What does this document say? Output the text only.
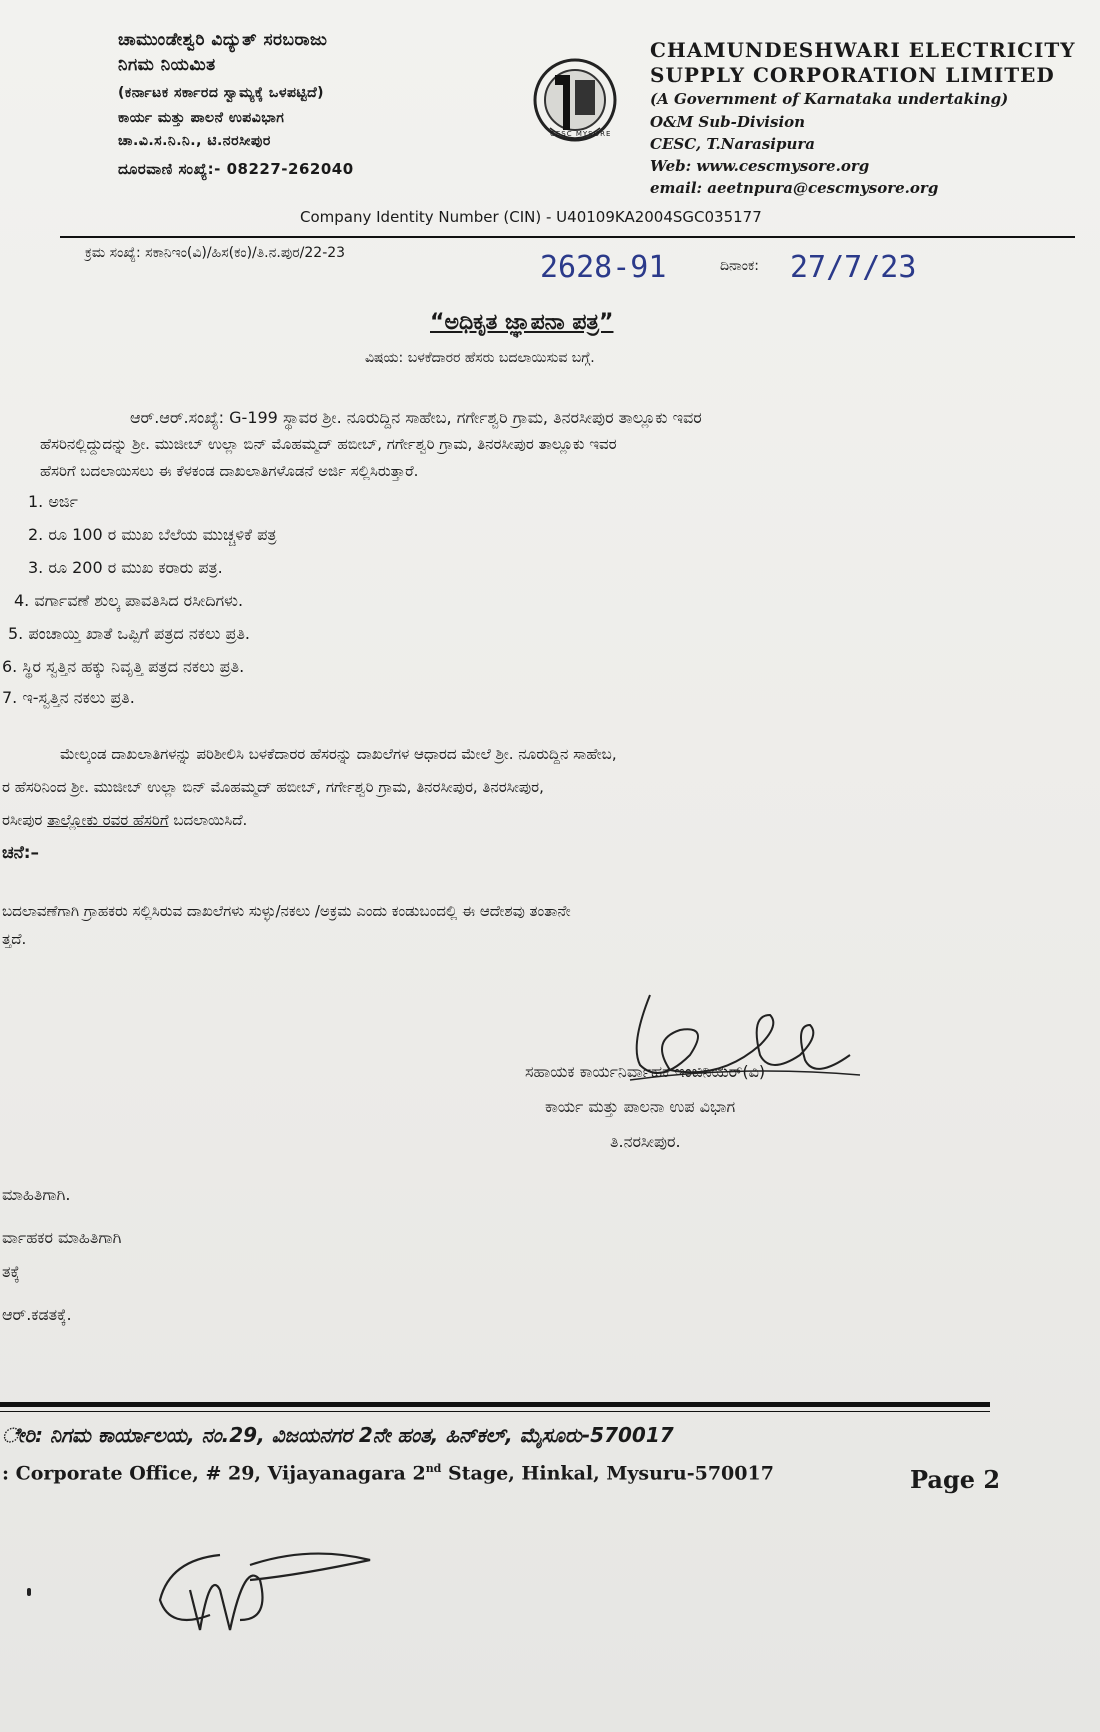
ಚಾಮುಂಡೇಶ್ವರಿ ವಿದ್ಯುತ್ ಸರಬರಾಜು
ನಿಗಮ ನಿಯಮಿತ
(ಕರ್ನಾಟಕ ಸರ್ಕಾರದ ಸ್ವಾಮ್ಯಕ್ಕೆ ಒಳಪಟ್ಟಿದೆ)
ಕಾರ್ಯ ಮತ್ತು ಪಾಲನೆ ಉಪವಿಭಾಗ
ಚಾ.ವಿ.ಸ.ನಿ.ನಿ., ಟಿ.ನರಸೀಪುರ
ದೂರವಾಣಿ ಸಂಖ್ಯೆ:- 08227-262040
CESC MYSORE
CHAMUNDESHWARI ELECTRICITY
SUPPLY CORPORATION LIMITED
(A Government of Karnataka undertaking)
O&M Sub-Division
CESC, T.Narasipura
Web: www.cescmysore.org
email: aeetnpura@cescmysore.org
Company Identity Number (CIN) - U40109KA2004SGC035177
ಕ್ರಮ ಸಂಖ್ಯೆ: ಸಕಾನಿಇಂ(ವಿ)/ಹಿಸ(ಕಂ)/ತಿ.ನ.ಪುರ/22-23	2628-91	ದಿನಾಂಕ: 27/7/23
“ಅಧಿಕೃತ ಜ್ಞಾಪನಾ ಪತ್ರ”
ವಿಷಯ: ಬಳಕೆದಾರರ ಹೆಸರು ಬದಲಾಯಿಸುವ ಬಗ್ಗೆ.
ಆರ್.ಆರ್.ಸಂಖ್ಯೆ: G-199 ಸ್ಥಾವರ ಶ್ರೀ. ನೂರುದ್ದಿನ ಸಾಹೇಬ, ಗರ್ಗೇಶ್ವರಿ ಗ್ರಾಮ, ತಿನರಸೀಪುರ ತಾಲ್ಲೂಕು ಇವರ
ಹೆಸರಿನಲ್ಲಿದ್ದುದನ್ನು ಶ್ರೀ. ಮುಜೀಬ್ ಉಲ್ಲಾ ಬಿನ್ ಮೊಹಮ್ಮದ್ ಹಬೀಬ್, ಗರ್ಗೇಶ್ವರಿ ಗ್ರಾಮ, ತಿನರಸೀಪುರ ತಾಲ್ಲೂಕು ಇವರ
ಹೆಸರಿಗೆ ಬದಲಾಯಿಸಲು ಈ ಕೆಳಕಂಡ ದಾಖಲಾತಿಗಳೊಡನೆ ಅರ್ಜಿ ಸಲ್ಲಿಸಿರುತ್ತಾರೆ.
1. ಅರ್ಜಿ
2. ರೂ 100 ರ ಮುಖ ಬೆಲೆಯ ಮುಚ್ಚಳಿಕೆ ಪತ್ರ
3. ರೂ 200 ರ ಮುಖ ಕರಾರು ಪತ್ರ.
4. ವರ್ಗಾವಣೆ ಶುಲ್ಕ ಪಾವತಿಸಿದ ರಸೀದಿಗಳು.
5. ಪಂಚಾಯ್ತಿ ಖಾತೆ ಒಪ್ಪಿಗೆ ಪತ್ರದ ನಕಲು ಪ್ರತಿ.
6. ಸ್ಥಿರ ಸ್ವತ್ತಿನ ಹಕ್ಕು ನಿವೃತ್ತಿ ಪತ್ರದ ನಕಲು ಪ್ರತಿ.
7. ಇ-ಸ್ವತ್ತಿನ ನಕಲು ಪ್ರತಿ.
ಮೇಲ್ಕಂಡ ದಾಖಲಾತಿಗಳನ್ನು ಪರಿಶೀಲಿಸಿ ಬಳಕೆದಾರರ ಹೆಸರನ್ನು ದಾಖಲೆಗಳ ಆಧಾರದ ಮೇಲೆ ಶ್ರೀ. ನೂರುದ್ದಿನ ಸಾಹೇಬ,
ರ ಹೆಸರಿನಿಂದ ಶ್ರೀ. ಮುಜೀಬ್ ಉಲ್ಲಾ ಬಿನ್ ಮೊಹಮ್ಮದ್ ಹಬೀಬ್, ಗರ್ಗೇಶ್ವರಿ ಗ್ರಾಮ, ತಿನರಸೀಪುರ, ತಿನರಸೀಪುರ,
ರಸೀಪುರ ತಾಲ್ಲೋಕು ರವರ ಹೆಸರಿಗೆ ಬದಲಾಯಿಸಿದೆ.
ಚನೆ:–
ಬದಲಾವಣೆಗಾಗಿ ಗ್ರಾಹಕರು ಸಲ್ಲಿಸಿರುವ ದಾಖಲೆಗಳು ಸುಳ್ಳು/ನಕಲು /ಅಕ್ರಮ ಎಂದು ಕಂಡುಬಂದಲ್ಲಿ ಈ ಆದೇಶವು ತಂತಾನೇ
ತ್ತದೆ.
ಸಹಾಯಕ ಕಾರ್ಯನಿರ್ವಾಹಕ ಇಂಜಿನಿಯರ್(ವಿ)
ಕಾರ್ಯ ಮತ್ತು ಪಾಲನಾ ಉಪ ವಿಭಾಗ
ತಿ.ನರಸೀಪುರ.
ಮಾಹಿತಿಗಾಗಿ.
ರ್ವಾಹಕರ ಮಾಹಿತಿಗಾಗಿ
ತಕ್ಕೆ
ಆರ್.ಕಡತಕ್ಕೆ.
ೇರಿ: ನಿಗಮ ಕಾರ್ಯಾಲಯ, ನಂ.29, ವಿಜಯನಗರ 2ನೇ ಹಂತ, ಹಿನ್‌ಕಲ್, ಮೈಸೂರು-570017
: Corporate Office, # 29, Vijayanagara 2nd Stage, Hinkal, Mysuru-570017	Page 2
